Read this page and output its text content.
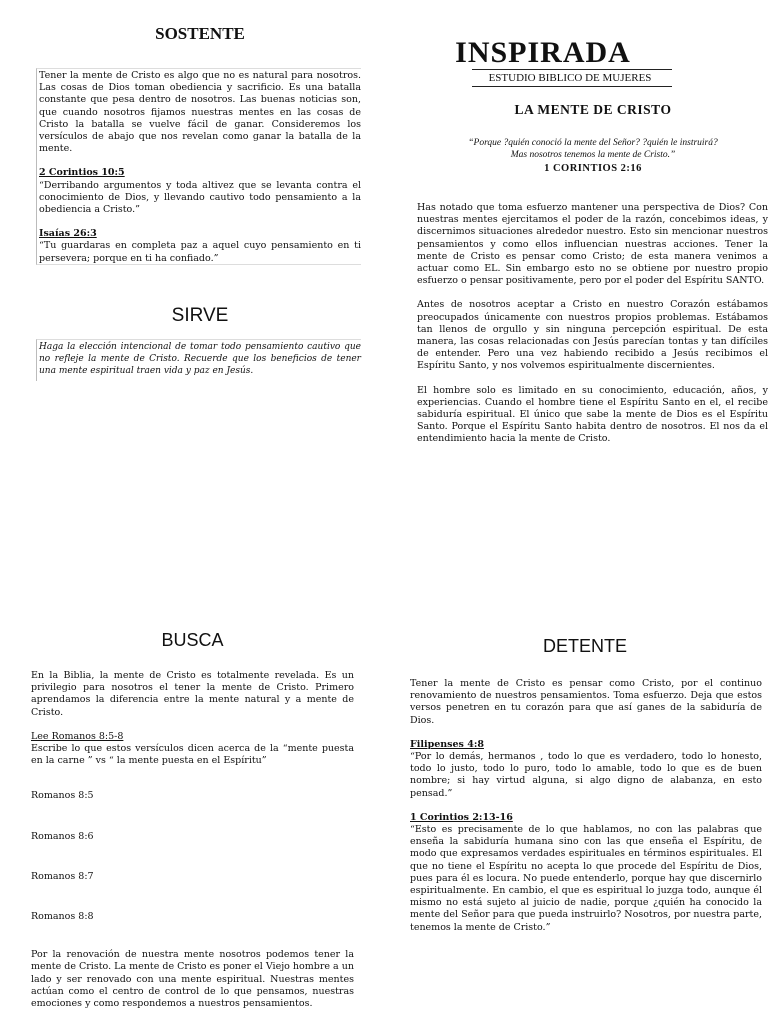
SOSTENTE

Tener la mente de Cristo es algo que no es natural para nosotros. Las cosas de Dios toman obediencia y sacrificio. Es una batalla constante que pesa dentro de nosotros. Las buenas noticias son, que cuando nosotros fijamos nuestras mentes en las cosas de Cristo la batalla se vuelve fácil de ganar. Consideremos los versículos de abajo que nos revelan como ganar la batalla de la mente.

2 Corintios 10:5
“Derribando argumentos y toda altivez que se levanta contra el conocimiento de Dios, y llevando cautivo todo pensamiento a la obediencia a Cristo.”

Isaías 26:3
“Tu guardaras en completa paz a aquel cuyo pensamiento en ti persevera; porque en ti ha confiado.”

SIRVE
Haga la elección intencional de tomar todo pensamiento cautivo que no refleje la mente de Cristo. Recuerde que los beneficios de tener una mente espiritual traen vida y paz en Jesús.
INSPIRADA
ESTUDIO BIBLICO DE MUJERES
LA MENTE DE CRISTO
“Porque ?quién conoció la mente del Señor? ?quién le instruirá?
Mas nosotros tenemos la mente de Cristo.”
1 CORINTIOS 2:16

Has notado que toma esfuerzo mantener una perspectiva de Dios? Con nuestras mentes ejercitamos el poder de la razón, concebimos ideas, y discernimos situaciones alrededor nuestro. Esto sin mencionar nuestros pensamientos y como ellos influencian nuestras acciones. Tener la mente de Cristo es pensar como Cristo; de esta manera venimos a actuar como EL. Sin embargo esto no se obtiene por nuestro propio esfuerzo o pensar positivamente, pero por el poder del Espíritu SANTO.

Antes de nosotros aceptar a Cristo en nuestro Corazón estábamos preocupados únicamente con nuestros propios problemas. Estábamos tan llenos de orgullo y sin ninguna percepción espiritual. De esta manera, las cosas relacionadas con Jesús parecían tontas y tan difíciles de entender. Pero una vez habiendo recibido a Jesús recibimos el Espíritu Santo, y nos volvemos espiritualmente discernientes.

El hombre solo es limitado en su conocimiento, educación, años, y experiencias. Cuando el hombre tiene el Espíritu Santo en el, el recibe sabiduría espiritual. El único que sabe la mente de Dios es el Espíritu Santo. Porque el Espíritu Santo habita dentro de nosotros. El nos da el entendimiento hacia la mente de Cristo.

BUSCA

En la Biblia, la mente de Cristo es totalmente revelada. Es un privilegio para nosotros el tener la mente de Cristo. Primero aprendamos la diferencia entre la mente natural y a mente de Cristo.

Lee Romanos 8:5-8
Escribe lo que estos versículos dicen acerca de la “mente puesta en la carne ” vs “ la mente puesta en el Espíritu”
Romanos 8:5
Romanos 8:6
Romanos 8:7
Romanos 8:8

Por la renovación de nuestra mente nosotros podemos tener la mente de Cristo. La mente de Cristo es poner el Viejo hombre a un lado y ser renovado con una mente espiritual. Nuestras mentes actúan como el centro de control de lo que pensamos, nuestras emociones y como respondemos a nuestros pensamientos.

DETENTE

Tener la mente de Cristo es pensar como Cristo, por el continuo renovamiento de nuestros pensamientos. Toma esfuerzo. Deja que estos versos penetren en tu corazón para que así ganes de la sabiduría de Dios.

Filipenses 4:8
“Por lo demás, hermanos , todo lo que es verdadero, todo lo honesto, todo lo justo, todo lo puro, todo lo amable, todo lo que es de buen nombre; si hay virtud alguna, si algo digno de alabanza, en esto pensad.”

1 Corintios 2:13-16
“Esto es precisamente de lo que hablamos, no con las palabras que enseña la sabiduría humana sino con las que enseña el Espíritu, de modo que expresamos verdades espirituales en términos espirituales. El que no tiene el Espíritu no acepta lo que procede del Espíritu de Dios, pues para él es locura. No puede entenderlo, porque hay que discernirlo espiritualmente. En cambio, el que es espiritual lo juzga todo, aunque él mismo no está sujeto al juicio de nadie, porque ¿quién ha conocido la mente del Señor para que pueda instruirlo? Nosotros, por nuestra parte, tenemos la mente de Cristo.”
